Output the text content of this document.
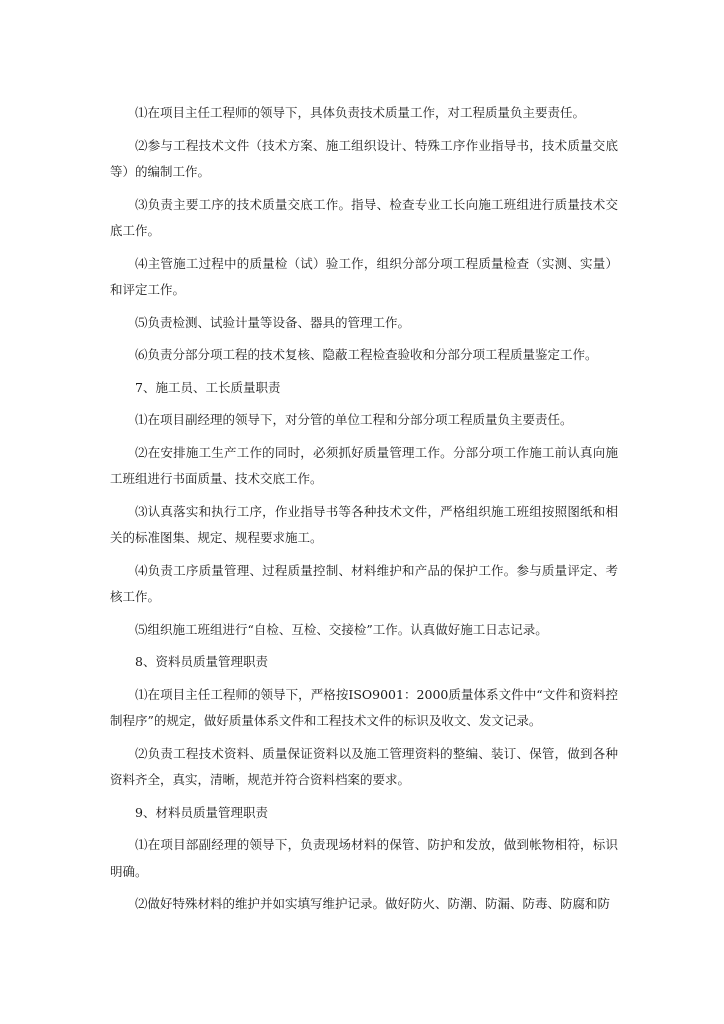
⑴在项目主任工程师的领导下，具体负责技术质量工作，对工程质量负主要责任。

⑵参与工程技术文件（技术方案、施工组织设计、特殊工序作业指导书，技术质量交底等）的编制工作。

⑶负责主要工序的技术质量交底工作。指导、检查专业工长向施工班组进行质量技术交底工作。

⑷主管施工过程中的质量检（试）验工作，组织分部分项工程质量检查（实测、实量）和评定工作。

⑸负责检测、试验计量等设备、器具的管理工作。

⑹负责分部分项工程的技术复核、隐蔽工程检查验收和分部分项工程质量鉴定工作。

7、施工员、工长质量职责

⑴在项目副经理的领导下，对分管的单位工程和分部分项工程质量负主要责任。

⑵在安排施工生产工作的同时，必须抓好质量管理工作。分部分项工作施工前认真向施工班组进行书面质量、技术交底工作。

⑶认真落实和执行工序，作业指导书等各种技术文件，严格组织施工班组按照图纸和相关的标准图集、规定、规程要求施工。

⑷负责工序质量管理、过程质量控制、材料维护和产品的保护工作。参与质量评定、考核工作。

⑸组织施工班组进行“自检、互检、交接检”工作。认真做好施工日志记录。

8、资料员质量管理职责

⑴在项目主任工程师的领导下，严格按ISO9001：2000质量体系文件中“文件和资料控制程序”的规定，做好质量体系文件和工程技术文件的标识及收文、发文记录。

⑵负责工程技术资料、质量保证资料以及施工管理资料的整编、装订、保管，做到各种资料齐全，真实，清晰，规范并符合资料档案的要求。

9、材料员质量管理职责

⑴在项目部副经理的领导下，负责现场材料的保管、防护和发放，做到帐物相符，标识明确。

⑵做好特殊材料的维护并如实填写维护记录。做好防火、防潮、防漏、防毒、防腐和防
